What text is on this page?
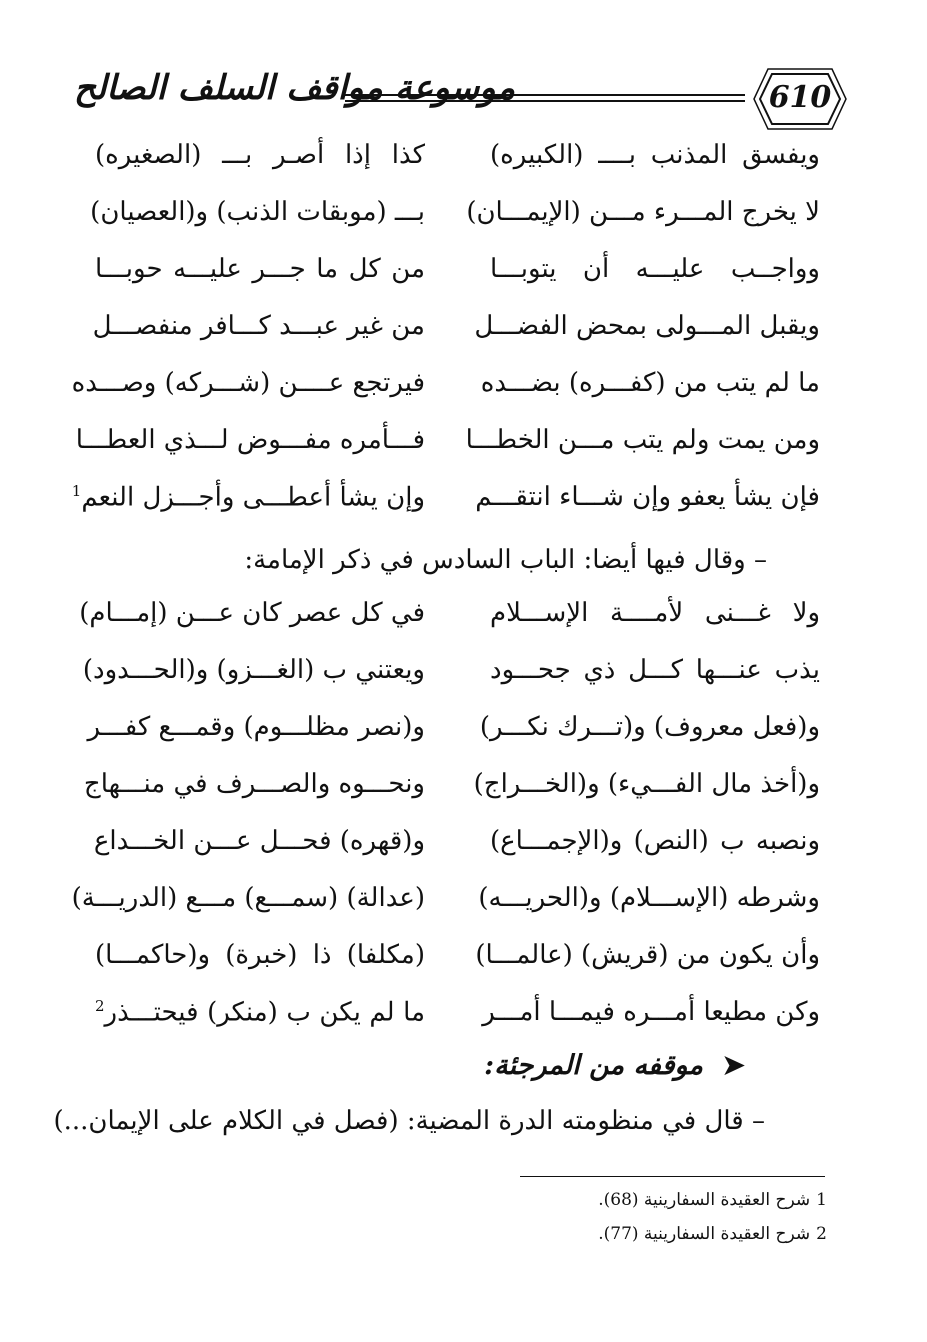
موسوعة مواقف السلف الصالح	610
ويفسق المذنب بــــ (الكبيره)
كذا إذا أصـر بـــ (الصغيره)
لا يخرج المـــرء مـــن (الإيمـــان)
بـــ (موبقات الذنب) و(العصيان)
وواجــب عليـــه أن يتوبـــا
من كل ما جـــر عليـــه حوبـــا
ويقبل المـــولى بمحض الفضـــل
من غير عبـــد كـــافر منفصـــل
ما لم يتب من (كفـــره) بضـــده
فيرتجع عــــن (شـــركه) وصـــده
ومن يمت ولم يتب مـــن الخطـــا
فـــأمره مفـــوض لـــذي العطـــا
فإن يشأ يعفو وإن شـــاء انتقـــم
وإن يشأ أعطـــى وأجـــزل النعم$^1$
– وقال فيها أيضا: الباب السادس في ذكر الإمامة:
ولا غـــنى لأمــــة الإســـلام
في كل عصر كان عـــن (إمـــام)
يذب عنـــها كـــل ذي جحـــود
ويعتني ب (الغـــزو) و(الحـــدود)
و(فعل معروف) و(تـــرك نكـــر)
و(نصر مظلـــوم) وقمـــع كفـــر
و(أخذ مال الفـــيء) و(الخـــراج)
ونحـــوه والصـــرف في منـــهاج
ونصبه ب (النص) و(الإجمـــاع)
و(قهره) فحـــل عـــن الخـــداع
وشرطه (الإســـلام) و(الحريـــه)
(عدالة) (سمـــع) مـــع (الدريـــة)
وأن يكون من (قريش) (عالمـــا)
(مكلفا) ذا (خبرة) و(حاكمـــا)
وكن مطيعا أمـــره فيمـــا أمـــر
ما لم يكن ب (منكر) فيحتـــذر$^2$
➤ موقفه من المرجئة:
– قال في منظومته الدرة المضية: (فصل في الكلام على الإيمان...)
1شرح العقيدة السفارينية (68).
2شرح العقيدة السفارينية (77).
